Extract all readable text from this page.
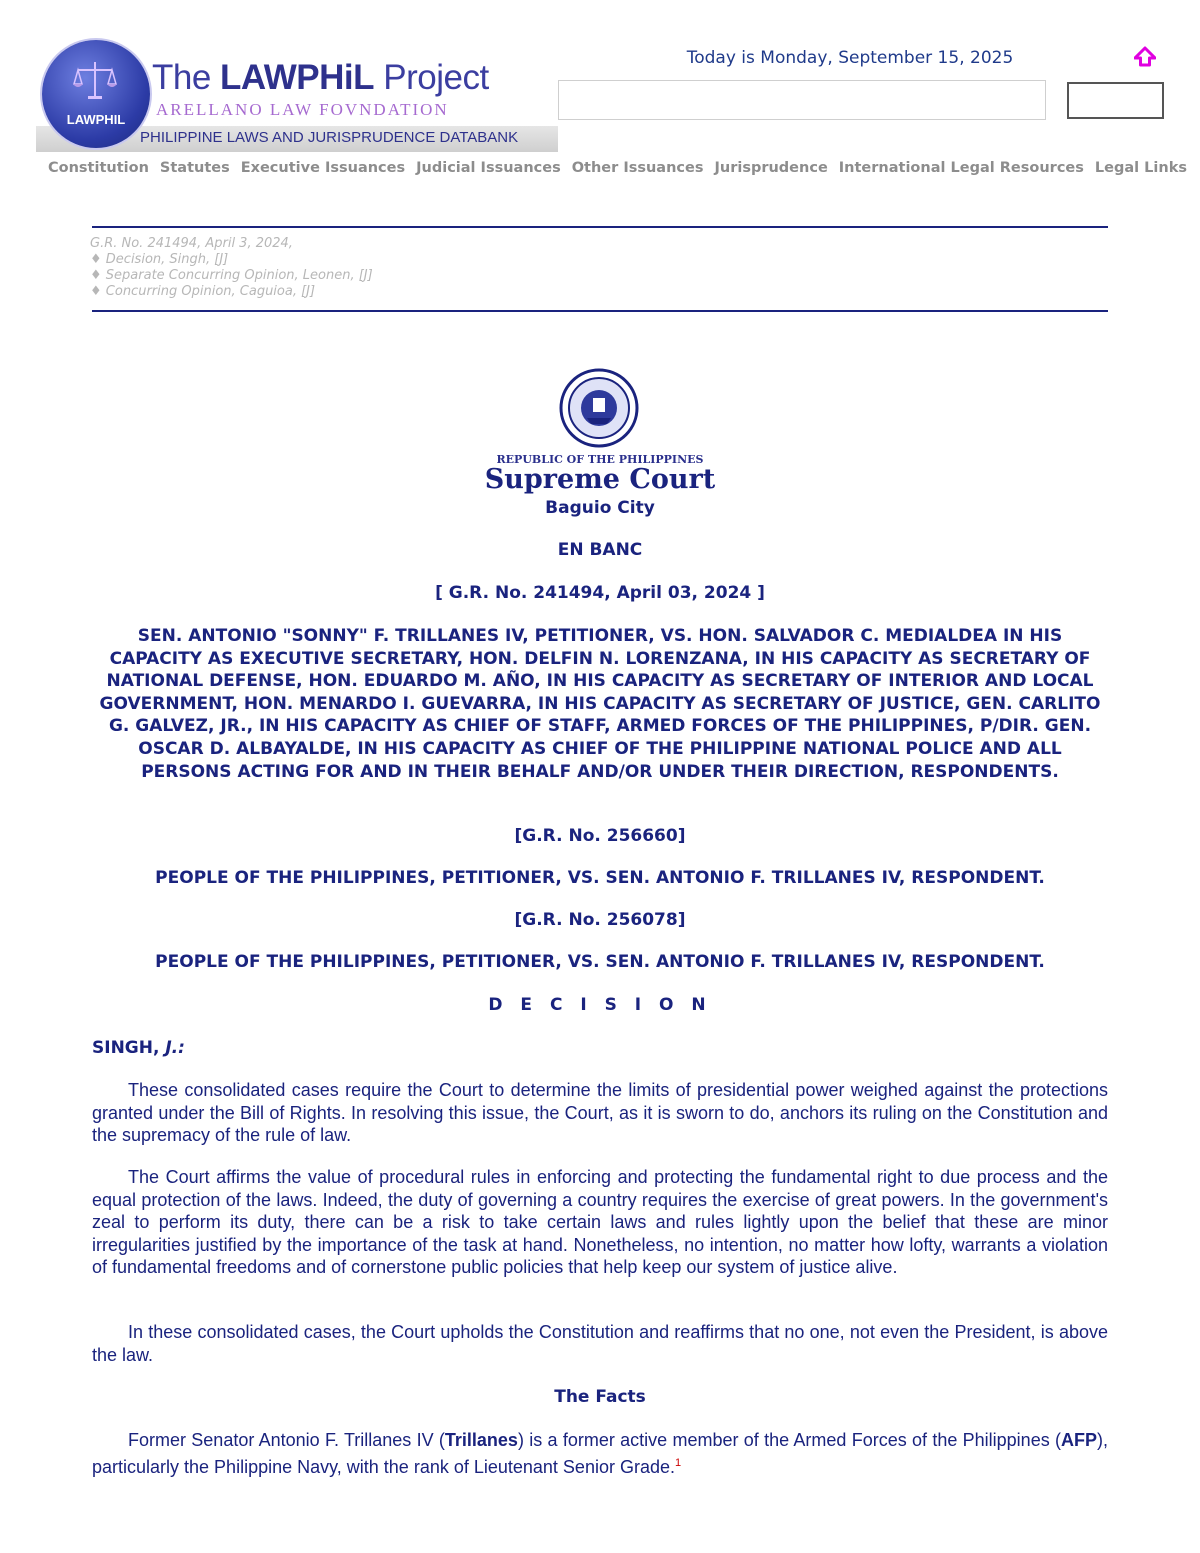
LAWPHIL
The LAWPHiL Project
ARELLANO LAW FOVNDATION
PHILIPPINE LAWS AND JURISPRUDENCE DATABANK
Today is Monday, September 15, 2025
Constitution Statutes Executive Issuances Judicial Issuances Other Issuances Jurisprudence International Legal Resources Legal Links
G.R. No. 241494, April 3, 2024,
♦ Decision, Singh, [J]
♦ Separate Concurring Opinion, Leonen, [J]
♦ Concurring Opinion, Caguioa, [J]
REPUBLIC OF THE PHILIPPINES
Supreme Court
Baguio City
EN BANC
[ G.R. No. 241494, April 03, 2024 ]
SEN. ANTONIO "SONNY" F. TRILLANES IV, PETITIONER, VS. HON. SALVADOR C. MEDIALDEA IN HIS CAPACITY AS EXECUTIVE SECRETARY, HON. DELFIN N. LORENZANA, IN HIS CAPACITY AS SECRETARY OF NATIONAL DEFENSE, HON. EDUARDO M. AÑO, IN HIS CAPACITY AS SECRETARY OF INTERIOR AND LOCAL GOVERNMENT, HON. MENARDO I. GUEVARRA, IN HIS CAPACITY AS SECRETARY OF JUSTICE, GEN. CARLITO G. GALVEZ, JR., IN HIS CAPACITY AS CHIEF OF STAFF, ARMED FORCES OF THE PHILIPPINES, P/DIR. GEN. OSCAR D. ALBAYALDE, IN HIS CAPACITY AS CHIEF OF THE PHILIPPINE NATIONAL POLICE AND ALL PERSONS ACTING FOR AND IN THEIR BEHALF AND/OR UNDER THEIR DIRECTION, RESPONDENTS.
[G.R. No. 256660]
PEOPLE OF THE PHILIPPINES, PETITIONER, VS. SEN. ANTONIO F. TRILLANES IV, RESPONDENT.
[G.R. No. 256078]
PEOPLE OF THE PHILIPPINES, PETITIONER, VS. SEN. ANTONIO F. TRILLANES IV, RESPONDENT.
D E C I S I O N
SINGH, J.:

These consolidated cases require the Court to determine the limits of presidential power weighed against the protections granted under the Bill of Rights. In resolving this issue, the Court, as it is sworn to do, anchors its ruling on the Constitution and the supremacy of the rule of law.

The Court affirms the value of procedural rules in enforcing and protecting the fundamental right to due process and the equal protection of the laws. Indeed, the duty of governing a country requires the exercise of great powers. In the government's zeal to perform its duty, there can be a risk to take certain laws and rules lightly upon the belief that these are minor irregularities justified by the importance of the task at hand. Nonetheless, no intention, no matter how lofty, warrants a violation of fundamental freedoms and of cornerstone public policies that help keep our system of justice alive.

In these consolidated cases, the Court upholds the Constitution and reaffirms that no one, not even the President, is above the law.

The Facts

Former Senator Antonio F. Trillanes IV (Trillanes) is a former active member of the Armed Forces of the Philippines (AFP), particularly the Philippine Navy, with the rank of Lieutenant Senior Grade.$^1$
